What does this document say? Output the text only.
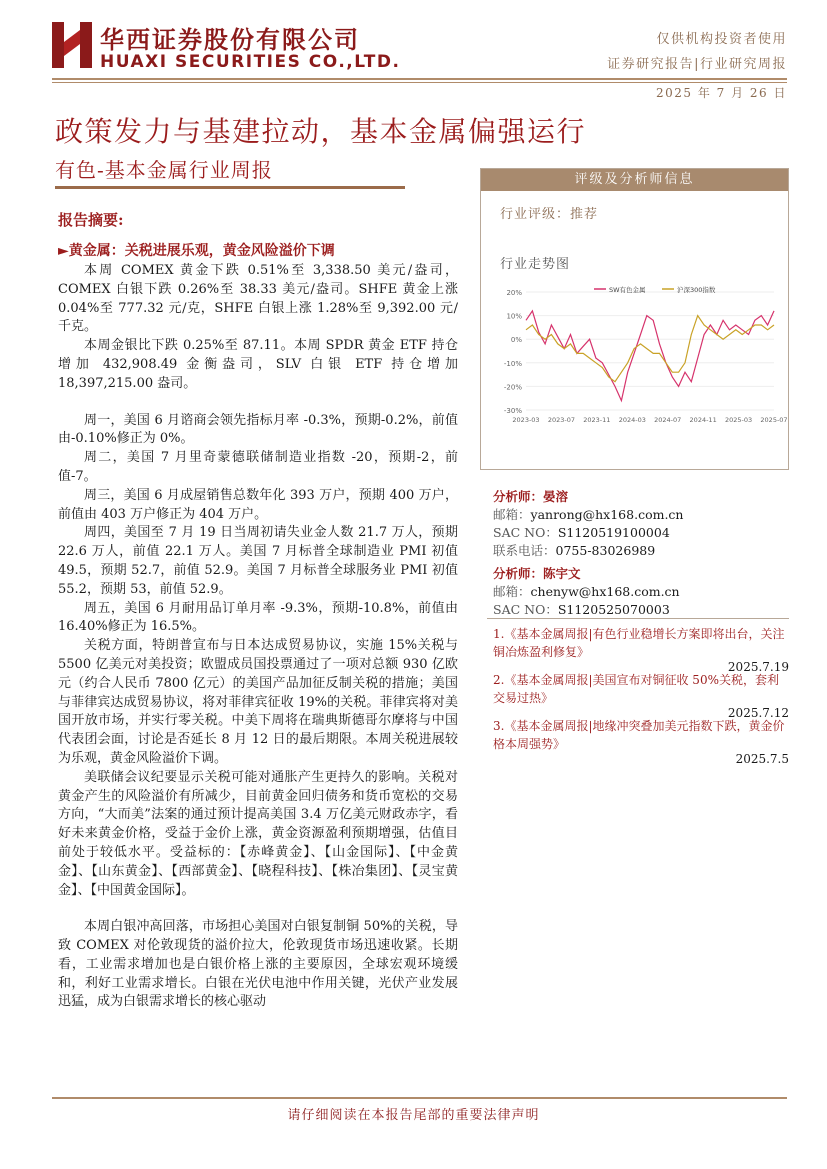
华西证券股份有限公司
HUAXI SECURITIES CO.,LTD.
仅供机构投资者使用
证券研究报告|行业研究周报
2025 年 7 月 26 日
政策发力与基建拉动，基本金属偏强运行
有色-基本金属行业周报
报告摘要:
►黄金属：关税进展乐观，黄金风险溢价下调

本周 COMEX 黄金下跌 0.51%至 3,338.50 美元/盎司，COMEX 白银下跌 0.26%至 38.33 美元/盎司。SHFE 黄金上涨 0.04%至 777.32 元/克，SHFE 白银上涨 1.28%至 9,392.00 元/千克。

本周金银比下跌 0.25%至 87.11。本周 SPDR 黄金 ETF 持仓增加 432,908.49 金衡盎司，SLV 白银 ETF 持仓增加 18,397,215.00 盎司。

周一，美国 6 月谘商会领先指标月率 -0.3%，预期-0.2%，前值由-0.10%修正为 0%。

周二，美国 7 月里奇蒙德联储制造业指数 -20，预期-2，前值-7。

周三，美国 6 月成屋销售总数年化 393 万户，预期 400 万户，前值由 403 万户修正为 404 万户。

周四，美国至 7 月 19 日当周初请失业金人数 21.7 万人，预期 22.6 万人，前值 22.1 万人。美国 7 月标普全球制造业 PMI 初值 49.5，预期 52.7，前值 52.9。美国 7 月标普全球服务业 PMI 初值 55.2，预期 53，前值 52.9。

周五，美国 6 月耐用品订单月率 -9.3%，预期-10.8%，前值由 16.40%修正为 16.5%。

关税方面，特朗普宣布与日本达成贸易协议，实施 15%关税与 5500 亿美元对美投资；欧盟成员国投票通过了一项对总额 930 亿欧元（约合人民币 7800 亿元）的美国产品加征反制关税的措施；美国与菲律宾达成贸易协议，将对菲律宾征收 19%的关税。菲律宾将对美国开放市场，并实行零关税。中美下周将在瑞典斯德哥尔摩将与中国代表团会面，讨论是否延长 8 月 12 日的最后期限。本周关税进展较为乐观，黄金风险溢价下调。

美联储会议纪要显示关税可能对通胀产生更持久的影响。关税对黄金产生的风险溢价有所减少，目前黄金回归债务和货币宽松的交易方向，“大而美”法案的通过预计提高美国 3.4 万亿美元财政赤字，看好未来黄金价格，受益于金价上涨，黄金资源盈利预期增强，估值目前处于较低水平。受益标的：【赤峰黄金】、【山金国际】、【中金黄金】、【山东黄金】、【西部黄金】、【晓程科技】、【株冶集团】、【灵宝黄金】、【中国黄金国际】。

本周白银冲高回落，市场担心美国对白银复制铜 50%的关税，导致 COMEX 对伦敦现货的溢价拉大，伦敦现货市场迅速收紧。长期看，工业需求增加也是白银价格上涨的主要原因，全球宏观环境缓和，利好工业需求增长。白银在光伏电池中作用关键，光伏产业发展迅猛，成为白银需求增长的核心驱动

评级及分析师信息
行业评级：推荐
行业走势图
20%
10%
0%
-10%
-20%
-30%
2023-03 2023-07 2023-11 2024-03 2024-07 2024-11 2025-03 2025-07
SW有色金属	沪深300指数
分析师：晏溶
邮箱：yanrong@hx168.com.cn
SAC NO：S1120519100004
联系电话：0755-83026989
分析师：陈宇文
邮箱：chenyw@hx168.com.cn
SAC NO：S1120525070003
1.《基本金属周报|有色行业稳增长方案即将出台，关注铜冶炼盈利修复》
2025.7.19
2.《基本金属周报|美国宣布对铜征收 50%关税，套利交易过热》
2025.7.12
3.《基本金属周报|地缘冲突叠加美元指数下跌，黄金价格本周强势》
2025.7.5
请仔细阅读在本报告尾部的重要法律声明
